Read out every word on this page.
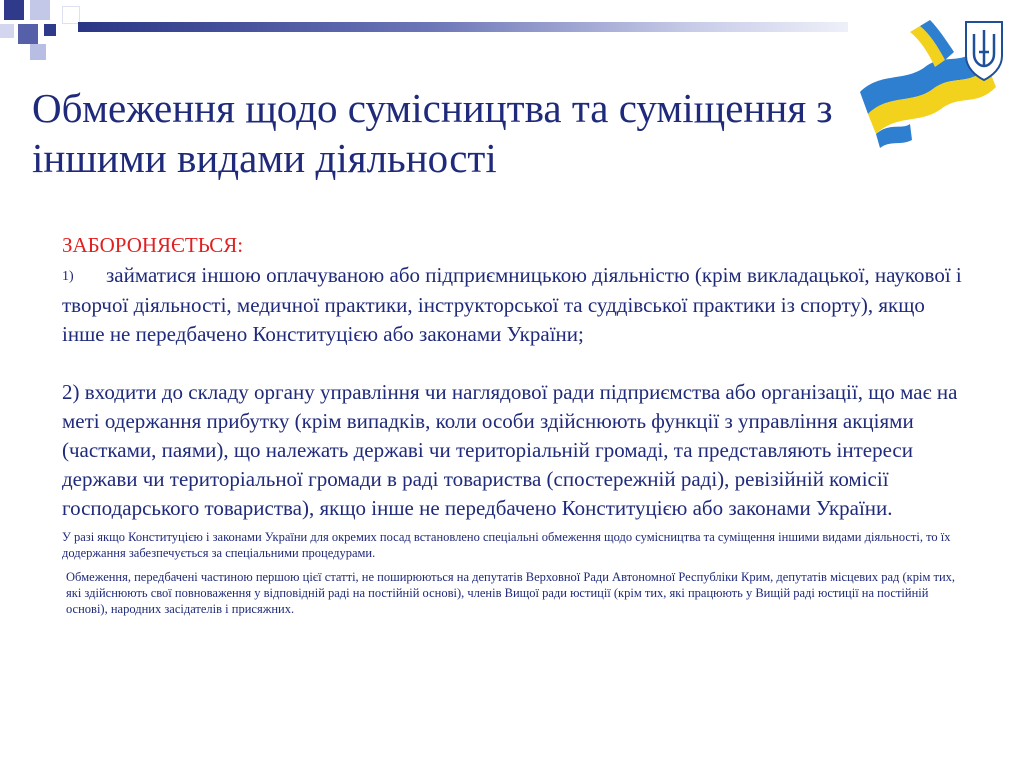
Обмеження щодо сумісництва та суміщення з іншими видами діяльності
ЗАБОРОНЯЄТЬСЯ:

1) займатися іншою оплачуваною або підприємницькою діяльністю (крім викладацької, наукової і творчої діяльності, медичної практики, інструкторської та суддівської практики із спорту), якщо інше не передбачено Конституцією або законами України;

2) входити до складу органу управління чи наглядової ради підприємства або організації, що має на меті одержання прибутку (крім випадків, коли особи здійснюють функції з управління акціями (частками, паями), що належать державі чи територіальній громаді, та представляють інтереси держави чи територіальної громади в раді товариства (спостережній раді), ревізійній комісії господарського товариства), якщо інше не передбачено Конституцією або законами України.

У разі якщо Конституцією і законами України для окремих посад встановлено спеціальні обмеження щодо сумісництва та суміщення іншими видами діяльності, то їх додержання забезпечується за спеціальними процедурами.

Обмеження, передбачені частиною першою цієї статті, не поширюються на депутатів Верховної Ради Автономної Республіки Крим, депутатів місцевих рад (крім тих, які здійснюють свої повноваження у відповідній раді на постійній основі), членів Вищої ради юстиції (крім тих, які працюють у Вищій раді юстиції на постійній основі), народних засідателів і присяжних.
